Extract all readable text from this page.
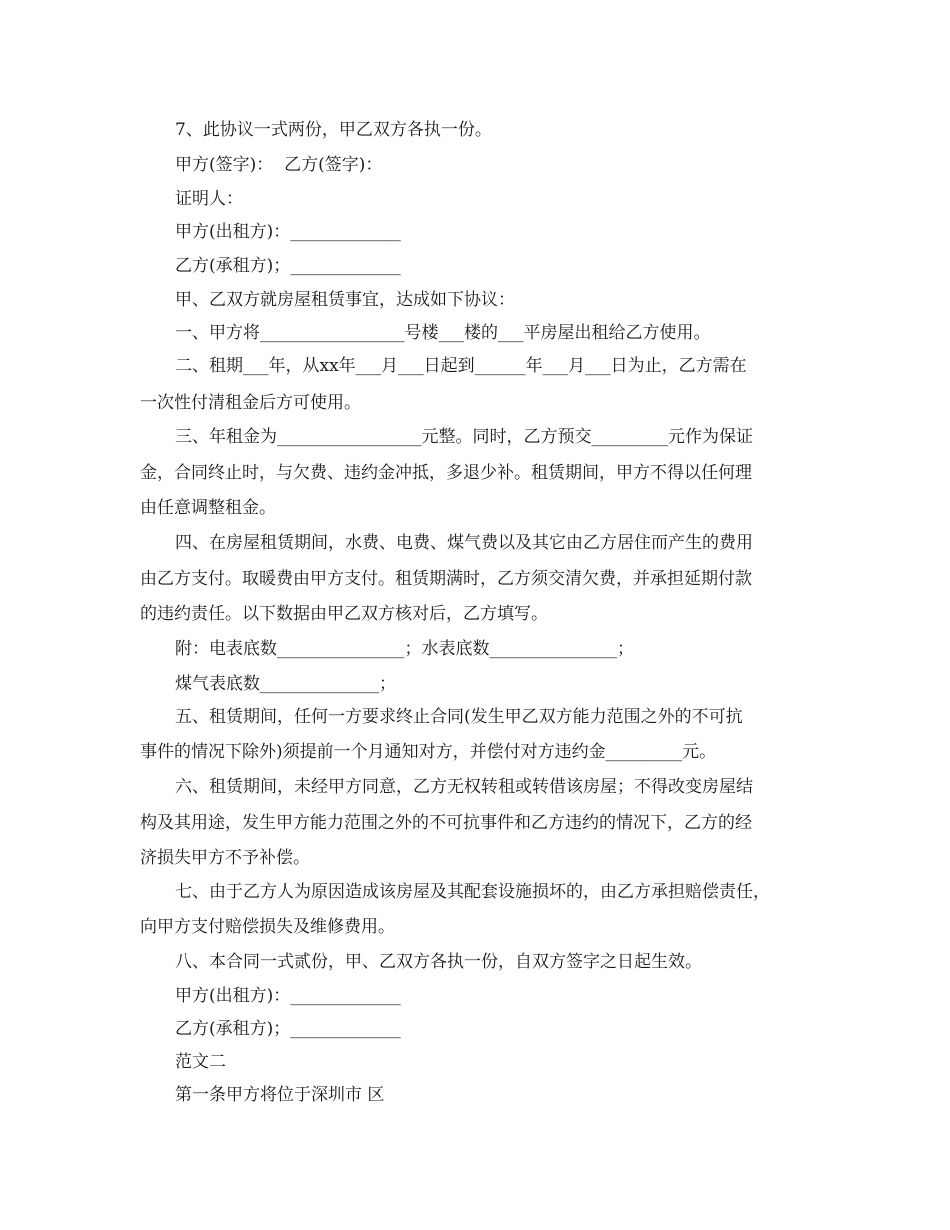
7、此协议一式两份，甲乙双方各执一份。
甲方(签字)：  乙方(签字)：
证明人：
甲方(出租方)：_____________
乙方(承租方)；_____________
甲、乙双方就房屋租赁事宜，达成如下协议：
一、甲方将_________________号楼___楼的___平房屋出租给乙方使用。
二、租期___年，从xx年___月___日起到______年___月___日为止，乙方需在
一次性付清租金后方可使用。
三、年租金为_________________元整。同时，乙方预交_________元作为保证
金，合同终止时，与欠费、违约金冲抵，多退少补。租赁期间，甲方不得以任何理
由任意调整租金。
四、在房屋租赁期间，水费、电费、煤气费以及其它由乙方居住而产生的费用
由乙方支付。取暖费由甲方支付。租赁期满时，乙方须交清欠费，并承担延期付款
的违约责任。以下数据由甲乙双方核对后，乙方填写。
附：电表底数_______________；水表底数_______________；
煤气表底数______________；
五、租赁期间，任何一方要求终止合同(发生甲乙双方能力范围之外的不可抗
事件的情况下除外)须提前一个月通知对方，并偿付对方违约金_________元。
六、租赁期间，未经甲方同意，乙方无权转租或转借该房屋；不得改变房屋结
构及其用途，发生甲方能力范围之外的不可抗事件和乙方违约的情况下，乙方的经
济损失甲方不予补偿。
七、由于乙方人为原因造成该房屋及其配套设施损坏的，由乙方承担赔偿责任，
向甲方支付赔偿损失及维修费用。
八、本合同一式贰份，甲、乙双方各执一份，自双方签字之日起生效。
甲方(出租方)：_____________
乙方(承租方)；_____________
范文二
第一条甲方将位于深圳市 区
